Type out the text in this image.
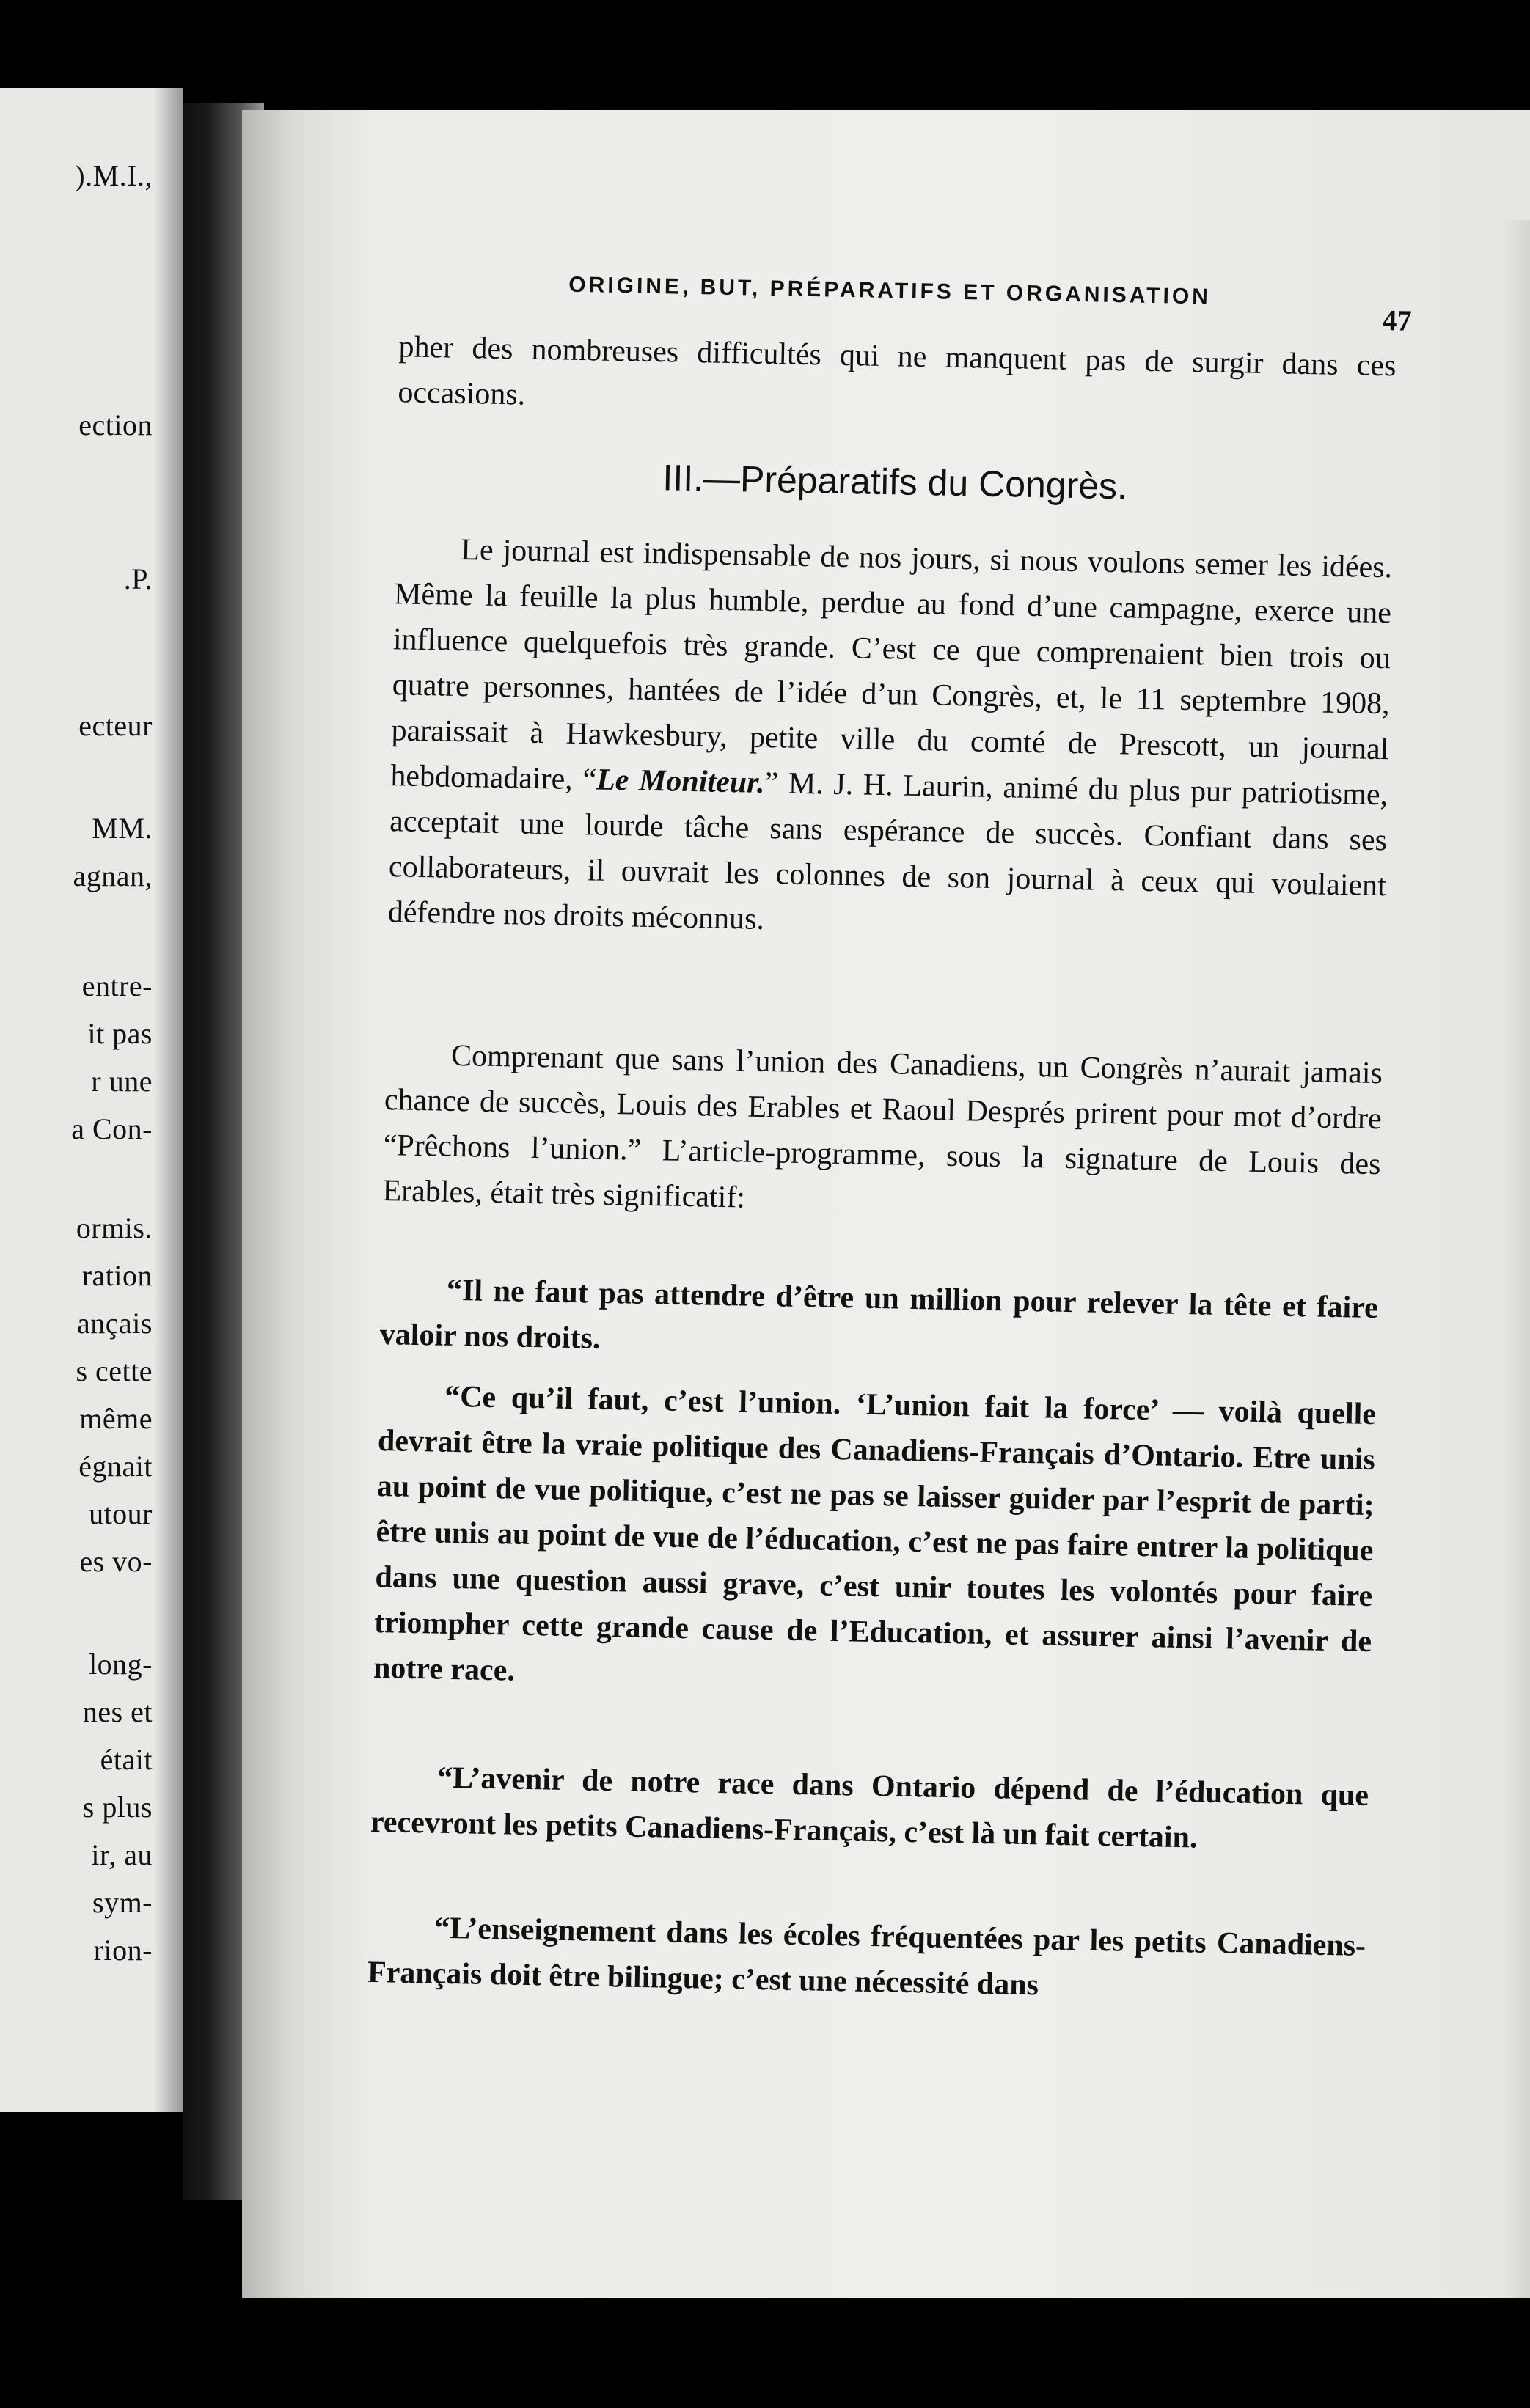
).M.I.,
ection
.P.
ecteur
MM.
agnan,
entre-
it pas
r une
a Con-
ormis.
ration
ançais
s cette
même
égnait
utour
es vo-
long-
nes et
était
s plus
ir, au
sym-
rion-
ORIGINE, BUT, PRÉPARATIFS ET ORGANISATION
47

pher des nombreuses difficultés qui ne manquent pas de surgir dans ces occasions.

III.—Préparatifs du Congrès.

Le journal est indispensable de nos jours, si nous voulons semer les idées. Même la feuille la plus humble, perdue au fond d’une campagne, exerce une influence quelquefois très grande. C’est ce que comprenaient bien trois ou quatre personnes, hantées de l’idée d’un Congrès, et, le 11 septembre 1908, paraissait à Hawkesbury, petite ville du comté de Prescott, un journal hebdomadaire, “Le Moniteur.” M. J. H. Laurin, animé du plus pur patriotisme, acceptait une lourde tâche sans espérance de succès. Confiant dans ses collaborateurs, il ouvrait les colonnes de son journal à ceux qui voulaient défendre nos droits méconnus.

Comprenant que sans l’union des Canadiens, un Congrès n’aurait jamais chance de succès, Louis des Erables et Raoul Després prirent pour mot d’ordre “Prêchons l’union.” L’article-programme, sous la signature de Louis des Erables, était très significatif:

“Il ne faut pas attendre d’être un million pour relever la tête et faire valoir nos droits.

“Ce qu’il faut, c’est l’union. ‘L’union fait la force’ — voilà quelle devrait être la vraie politique des Canadiens-Français d’Ontario. Etre unis au point de vue politique, c’est ne pas se laisser guider par l’esprit de parti; être unis au point de vue de l’éducation, c’est ne pas faire entrer la politique dans une question aussi grave, c’est unir toutes les volontés pour faire triompher cette grande cause de l’Education, et assurer ainsi l’avenir de notre race.

“L’avenir de notre race dans Ontario dépend de l’éducation que recevront les petits Canadiens-Français, c’est là un fait certain.

“L’enseignement dans les écoles fréquentées par les petits Canadiens-Français doit être bilingue; c’est une nécessité dans
